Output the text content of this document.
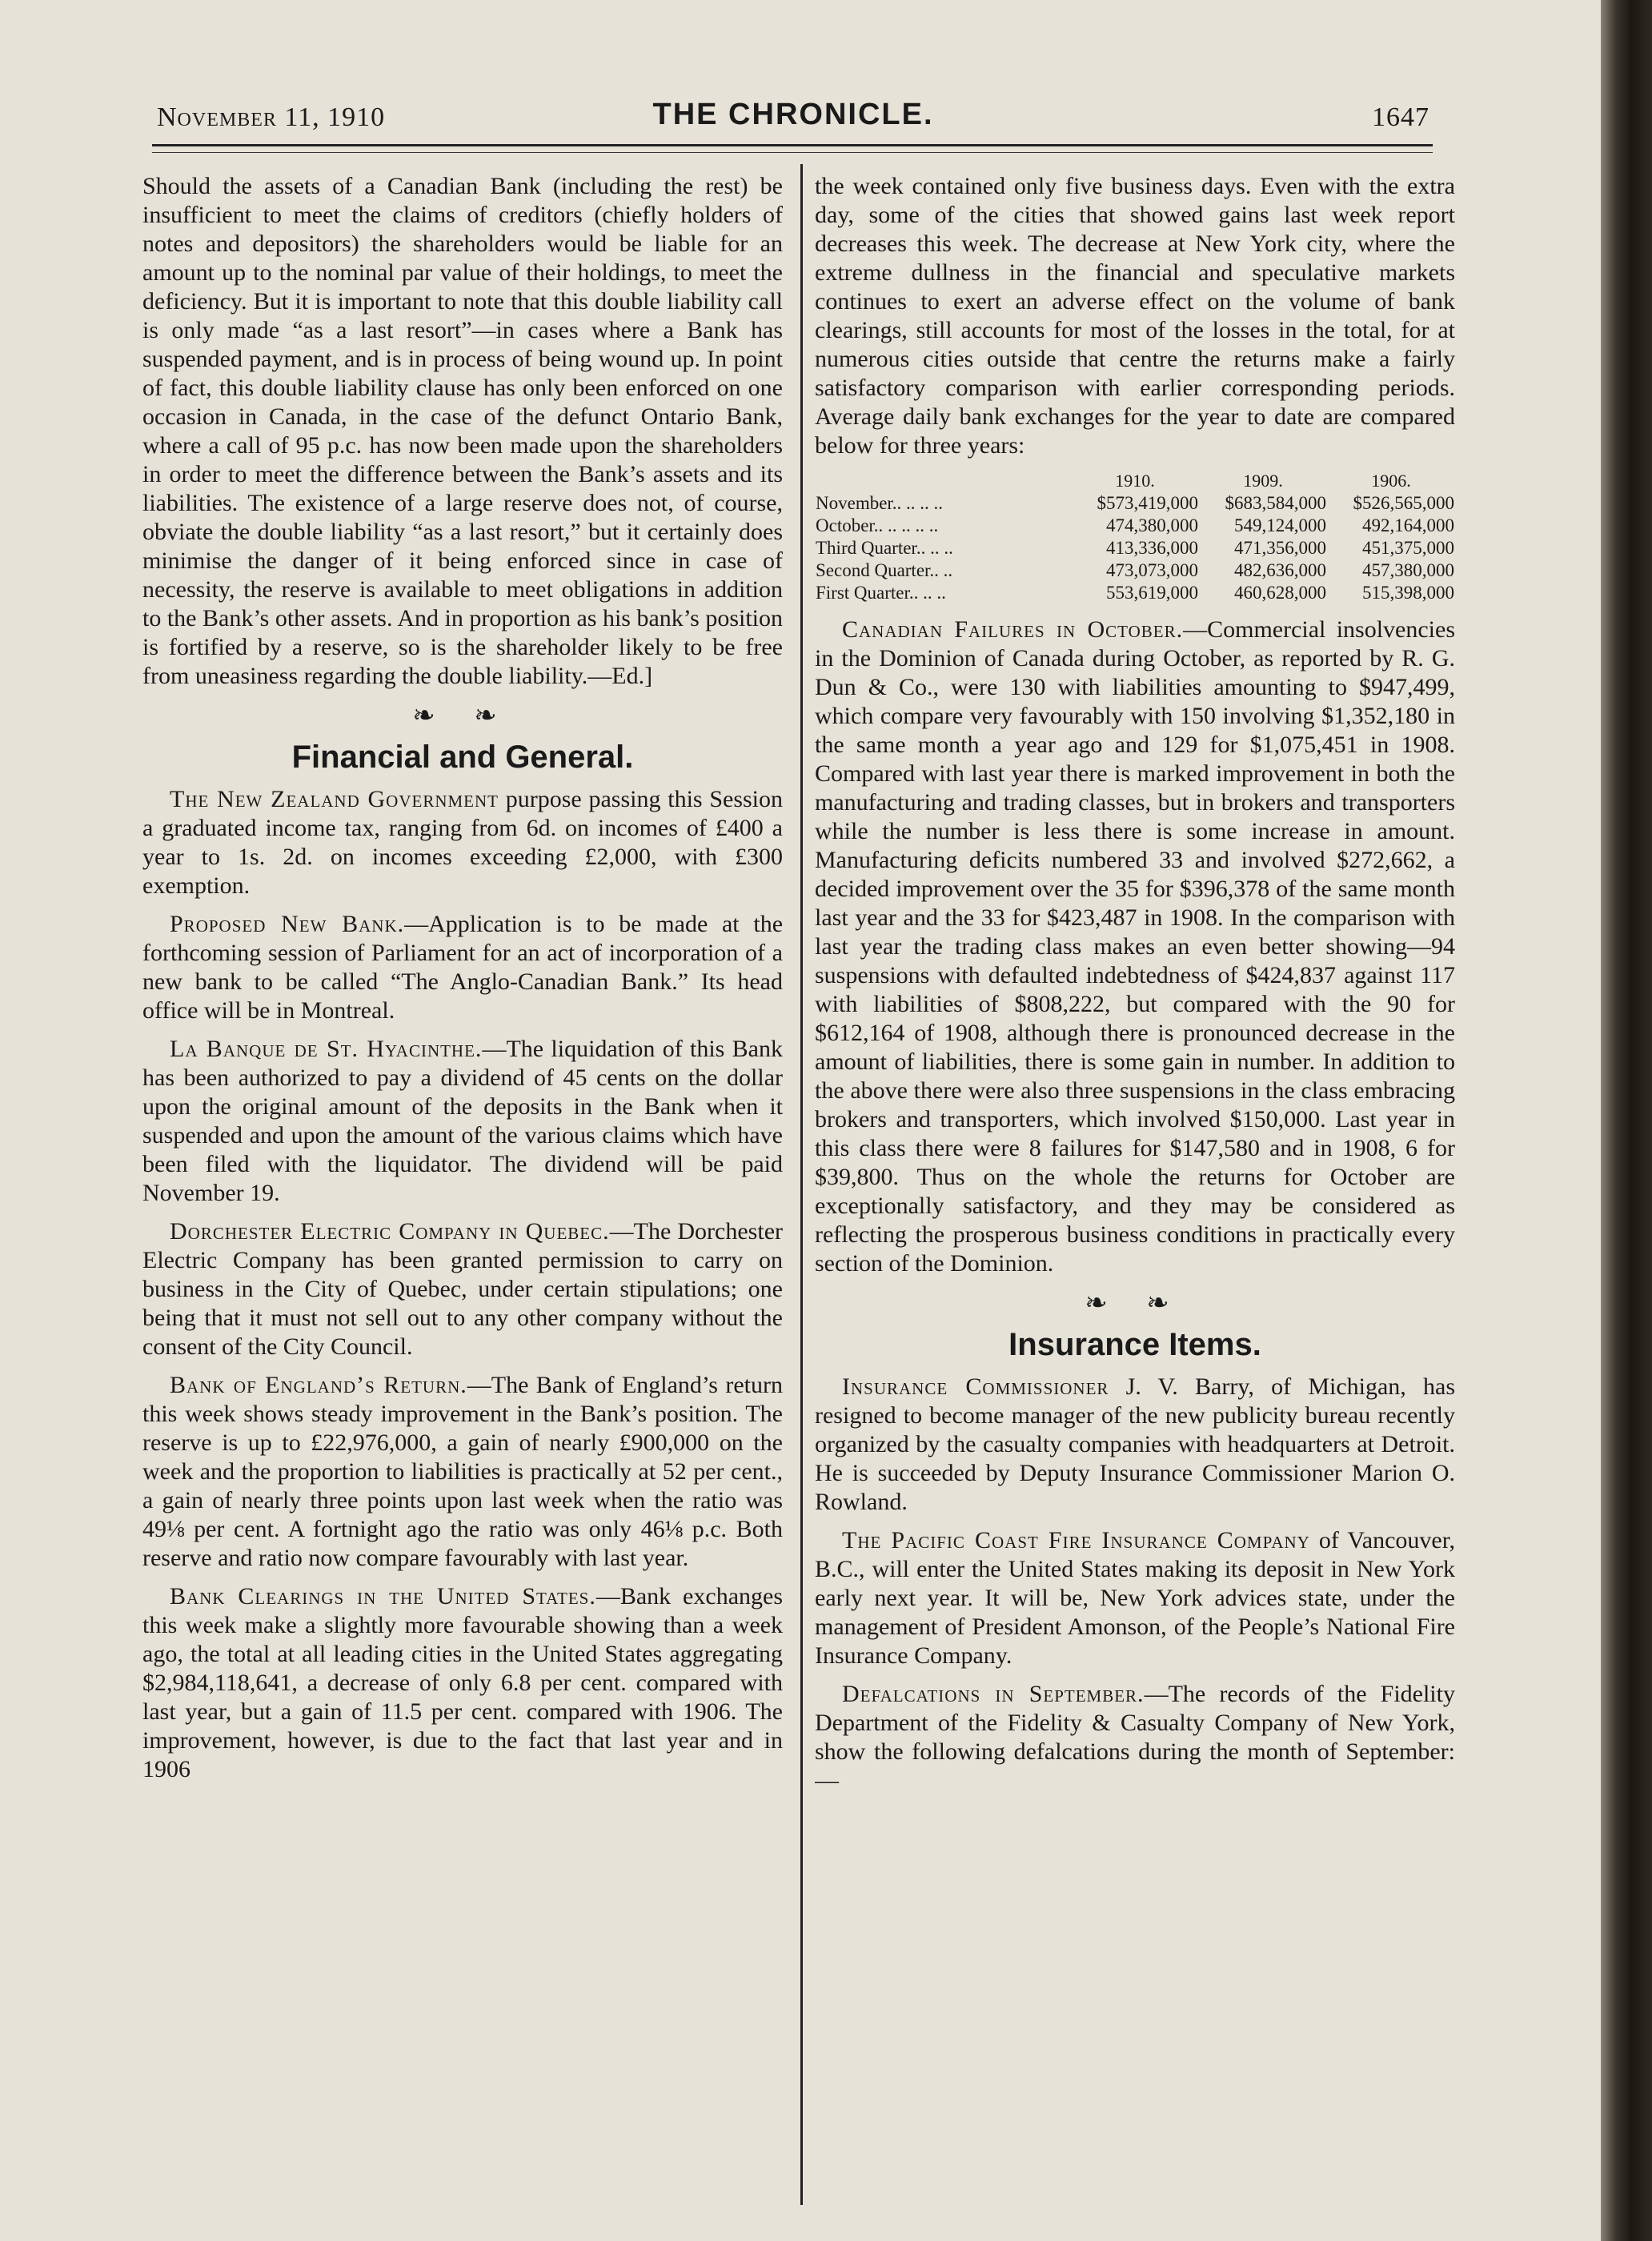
November 11, 1910	THE CHRONICLE.	1647

Should the assets of a Canadian Bank (including the rest) be insufficient to meet the claims of creditors (chiefly holders of notes and depositors) the shareholders would be liable for an amount up to the nominal par value of their holdings, to meet the deficiency. But it is important to note that this double liability call is only made “as a last resort”—in cases where a Bank has suspended payment, and is in process of being wound up. In point of fact, this double liability clause has only been enforced on one occasion in Canada, in the case of the defunct Ontario Bank, where a call of 95 p.c. has now been made upon the shareholders in order to meet the difference between the Bank’s assets and its liabilities. The existence of a large reserve does not, of course, obviate the double liability “as a last resort,” but it certainly does minimise the danger of it being enforced since in case of necessity, the reserve is available to meet obligations in addition to the Bank’s other assets. And in proportion as his bank’s position is fortified by a reserve, so is the shareholder likely to be free from uneasiness regarding the double liability.—Ed.]

❧ ❧
Financial and General.

The New Zealand Government purpose passing this Session a graduated income tax, ranging from 6d. on incomes of £400 a year to 1s. 2d. on incomes exceeding £2,000, with £300 exemption.

Proposed New Bank.—Application is to be made at the forthcoming session of Parliament for an act of incorporation of a new bank to be called “The Anglo-Canadian Bank.” Its head office will be in Montreal.

La Banque de St. Hyacinthe.—The liquidation of this Bank has been authorized to pay a dividend of 45 cents on the dollar upon the original amount of the deposits in the Bank when it suspended and upon the amount of the various claims which have been filed with the liquidator. The dividend will be paid November 19.

Dorchester Electric Company in Quebec.—The Dorchester Electric Company has been granted permission to carry on business in the City of Quebec, under certain stipulations; one being that it must not sell out to any other company without the consent of the City Council.

Bank of England’s Return.—The Bank of England’s return this week shows steady improvement in the Bank’s position. The reserve is up to £22,976,000, a gain of nearly £900,000 on the week and the proportion to liabilities is practically at 52 per cent., a gain of nearly three points upon last week when the ratio was 49⅛ per cent. A fortnight ago the ratio was only 46⅛ p.c. Both reserve and ratio now compare favourably with last year.

Bank Clearings in the United States.—Bank exchanges this week make a slightly more favourable showing than a week ago, the total at all leading cities in the United States aggregating $2,984,118,641, a decrease of only 6.8 per cent. compared with last year, but a gain of 11.5 per cent. compared with 1906. The improvement, however, is due to the fact that last year and in 1906

the week contained only five business days. Even with the extra day, some of the cities that showed gains last week report decreases this week. The decrease at New York city, where the extreme dullness in the financial and speculative markets continues to exert an adverse effect on the volume of bank clearings, still accounts for most of the losses in the total, for at numerous cities outside that centre the returns make a fairly satisfactory comparison with earlier corresponding periods. Average daily bank exchanges for the year to date are compared below for three years:

	1910.	1909.	1906.
November.. .. .. ..	$573,419,000	$683,584,000	$526,565,000
October.. .. .. .. ..	474,380,000	549,124,000	492,164,000
Third Quarter.. .. ..	413,336,000	471,356,000	451,375,000
Second Quarter.. ..	473,073,000	482,636,000	457,380,000
First Quarter.. .. ..	553,619,000	460,628,000	515,398,000

Canadian Failures in October.—Commercial insolvencies in the Dominion of Canada during October, as reported by R. G. Dun & Co., were 130 with liabilities amounting to $947,499, which compare very favourably with 150 involving $1,352,180 in the same month a year ago and 129 for $1,075,451 in 1908. Compared with last year there is marked improvement in both the manufacturing and trading classes, but in brokers and transporters while the number is less there is some increase in amount. Manufacturing deficits numbered 33 and involved $272,662, a decided improvement over the 35 for $396,378 of the same month last year and the 33 for $423,487 in 1908. In the comparison with last year the trading class makes an even better showing—94 suspensions with defaulted indebtedness of $424,837 against 117 with liabilities of $808,222, but compared with the 90 for $612,164 of 1908, although there is pronounced decrease in the amount of liabilities, there is some gain in number. In addition to the above there were also three suspensions in the class embracing brokers and transporters, which involved $150,000. Last year in this class there were 8 failures for $147,580 and in 1908, 6 for $39,800. Thus on the whole the returns for October are exceptionally satisfactory, and they may be considered as reflecting the prosperous business conditions in practically every section of the Dominion.

❧ ❧
Insurance Items.

Insurance Commissioner J. V. Barry, of Michigan, has resigned to become manager of the new publicity bureau recently organized by the casualty companies with headquarters at Detroit. He is succeeded by Deputy Insurance Commissioner Marion O. Rowland.

The Pacific Coast Fire Insurance Company of Vancouver, B.C., will enter the United States making its deposit in New York early next year. It will be, New York advices state, under the management of President Amonson, of the People’s National Fire Insurance Company.

Defalcations in September.—The records of the Fidelity Department of the Fidelity & Casualty Company of New York, show the following defalcations during the month of September:—
